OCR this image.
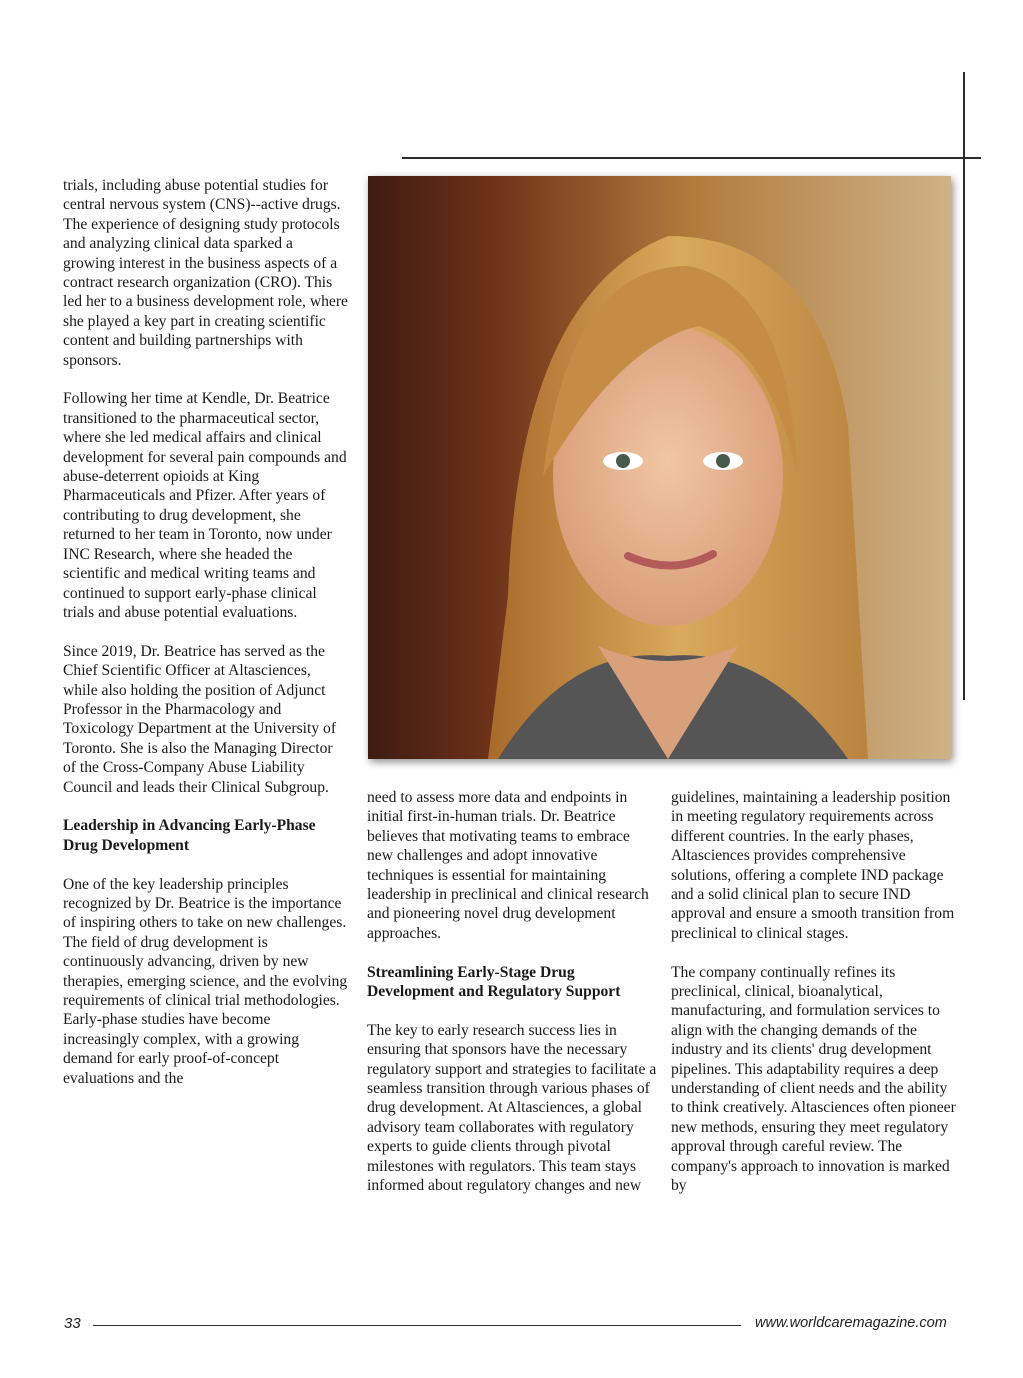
trials, including abuse potential studies for central nervous system (CNS)--active drugs. The experience of designing study protocols and analyzing clinical data sparked a growing interest in the business aspects of a contract research organization (CRO). This led her to a business development role, where she played a key part in creating scientific content and building partnerships with sponsors.

Following her time at Kendle, Dr. Beatrice transitioned to the pharmaceutical sector, where she led medical affairs and clinical development for several pain compounds and abuse-deterrent opioids at King Pharmaceuticals and Pfizer. After years of contributing to drug development, she returned to her team in Toronto, now under INC Research, where she headed the scientific and medical writing teams and continued to support early-phase clinical trials and abuse potential evaluations.

Since 2019, Dr. Beatrice has served as the Chief Scientific Officer at Altasciences, while also holding the position of Adjunct Professor in the Pharmacology and Toxicology Department at the University of Toronto. She is also the Managing Director of the Cross-Company Abuse Liability Council and leads their Clinical Subgroup.

Leadership in Advancing Early-Phase Drug Development

One of the key leadership principles recognized by Dr. Beatrice is the importance of inspiring others to take on new challenges. The field of drug development is continuously advancing, driven by new therapies, emerging science, and the evolving requirements of clinical trial methodologies. Early-phase studies have become increasingly complex, with a growing demand for early proof-of-concept evaluations and the

need to assess more data and endpoints in initial first-in-human trials. Dr. Beatrice believes that motivating teams to embrace new challenges and adopt innovative techniques is essential for maintaining leadership in preclinical and clinical research and pioneering novel drug development approaches.

Streamlining Early-Stage Drug Development and Regulatory Support

The key to early research success lies in ensuring that sponsors have the necessary regulatory support and strategies to facilitate a seamless transition through various phases of drug development. At Altasciences, a global advisory team collaborates with regulatory experts to guide clients through pivotal milestones with regulators. This team stays informed about regulatory changes and new

guidelines, maintaining a leadership position in meeting regulatory requirements across different countries. In the early phases, Altasciences provides comprehensive solutions, offering a complete IND package and a solid clinical plan to secure IND approval and ensure a smooth transition from preclinical to clinical stages.

The company continually refines its preclinical, clinical, bioanalytical, manufacturing, and formulation services to align with the changing demands of the industry and its clients' drug development pipelines. This adaptability requires a deep understanding of client needs and the ability to think creatively. Altasciences often pioneer new methods, ensuring they meet regulatory approval through careful review. The company's approach to innovation is marked by

33	www.worldcaremagazine.com
